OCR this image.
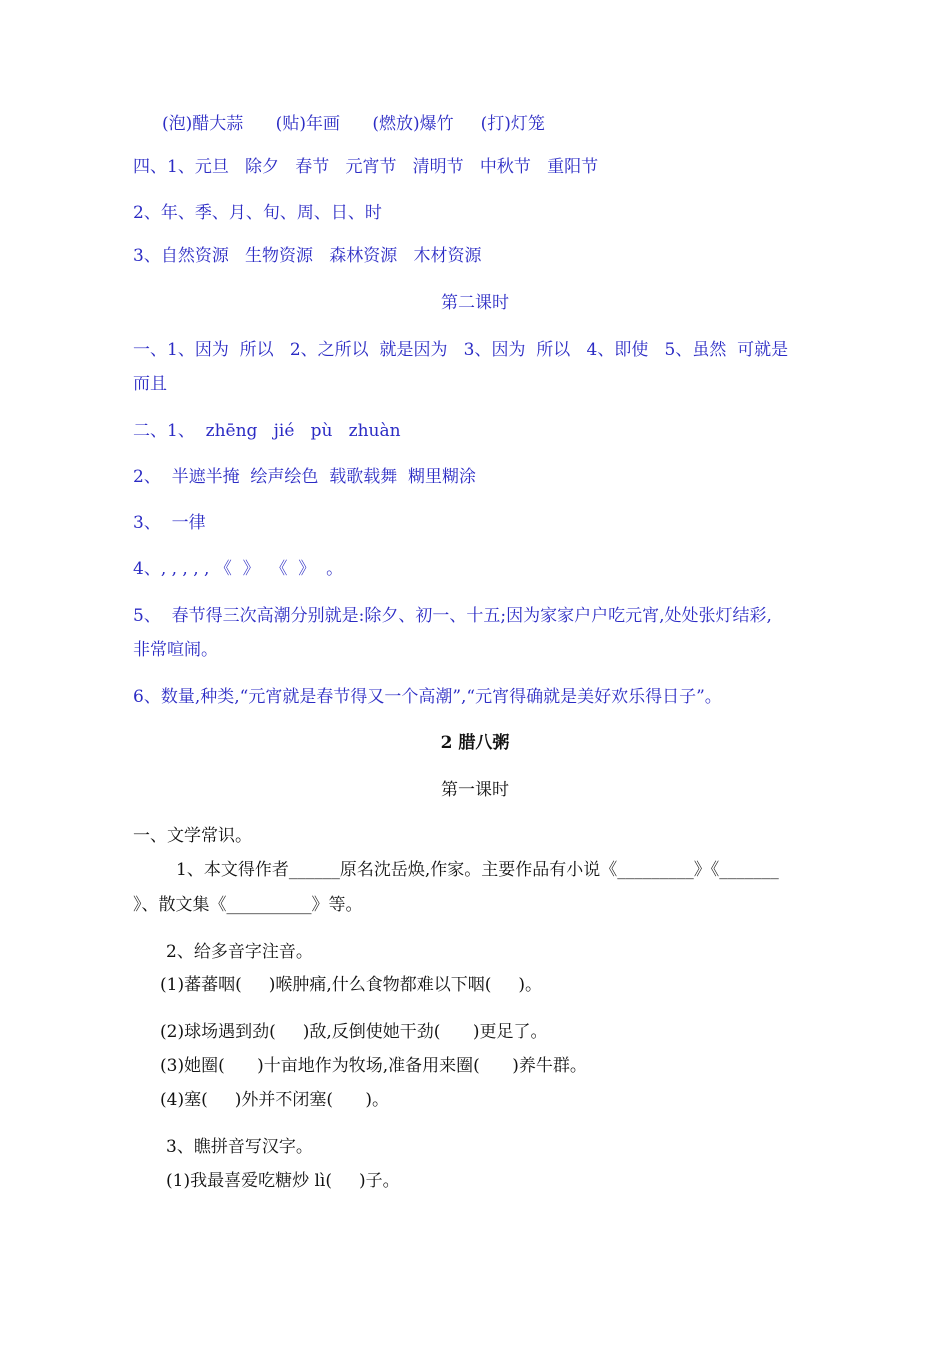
(泡)醋大蒜      (贴)年画      (燃放)爆竹     (打)灯笼
四、1、元旦   除夕   春节   元宵节   清明节   中秋节   重阳节
2、年、季、月、旬、周、日、时
3、自然资源   生物资源   森林资源   木材资源
第二课时
一、1、因为  所以   2、之所以  就是因为   3、因为  所以   4、即使   5、虽然  可就是
而且
二、1、  zhēng   jié   pù   zhuàn
2、  半遮半掩  绘声绘色  载歌载舞  糊里糊涂
3、  一律
4、, , , , , 《  》  《  》  。
5、  春节得三次高潮分别就是:除夕、初一、十五;因为家家户户吃元宵,处处张灯结彩,
非常喧闹。
6、数量,种类,“元宵就是春节得又一个高潮”,“元宵得确就是美好欢乐得日子”。
2 腊八粥
第一课时
一、文学常识。
1、本文得作者______原名沈岳焕,作家。主要作品有小说《_________》《_______
》、散文集《__________》等。
2、给多音字注音。
(1)蕃蕃咽(     )喉肿痛,什么食物都难以下咽(     )。
(2)球场遇到劲(     )敌,反倒使她干劲(      )更足了。
(3)她圈(      )十亩地作为牧场,准备用来圈(      )养牛群。
(4)塞(     )外并不闭塞(      )。
3、瞧拼音写汉字。
(1)我最喜爱吃糖炒 lì(     )子。
